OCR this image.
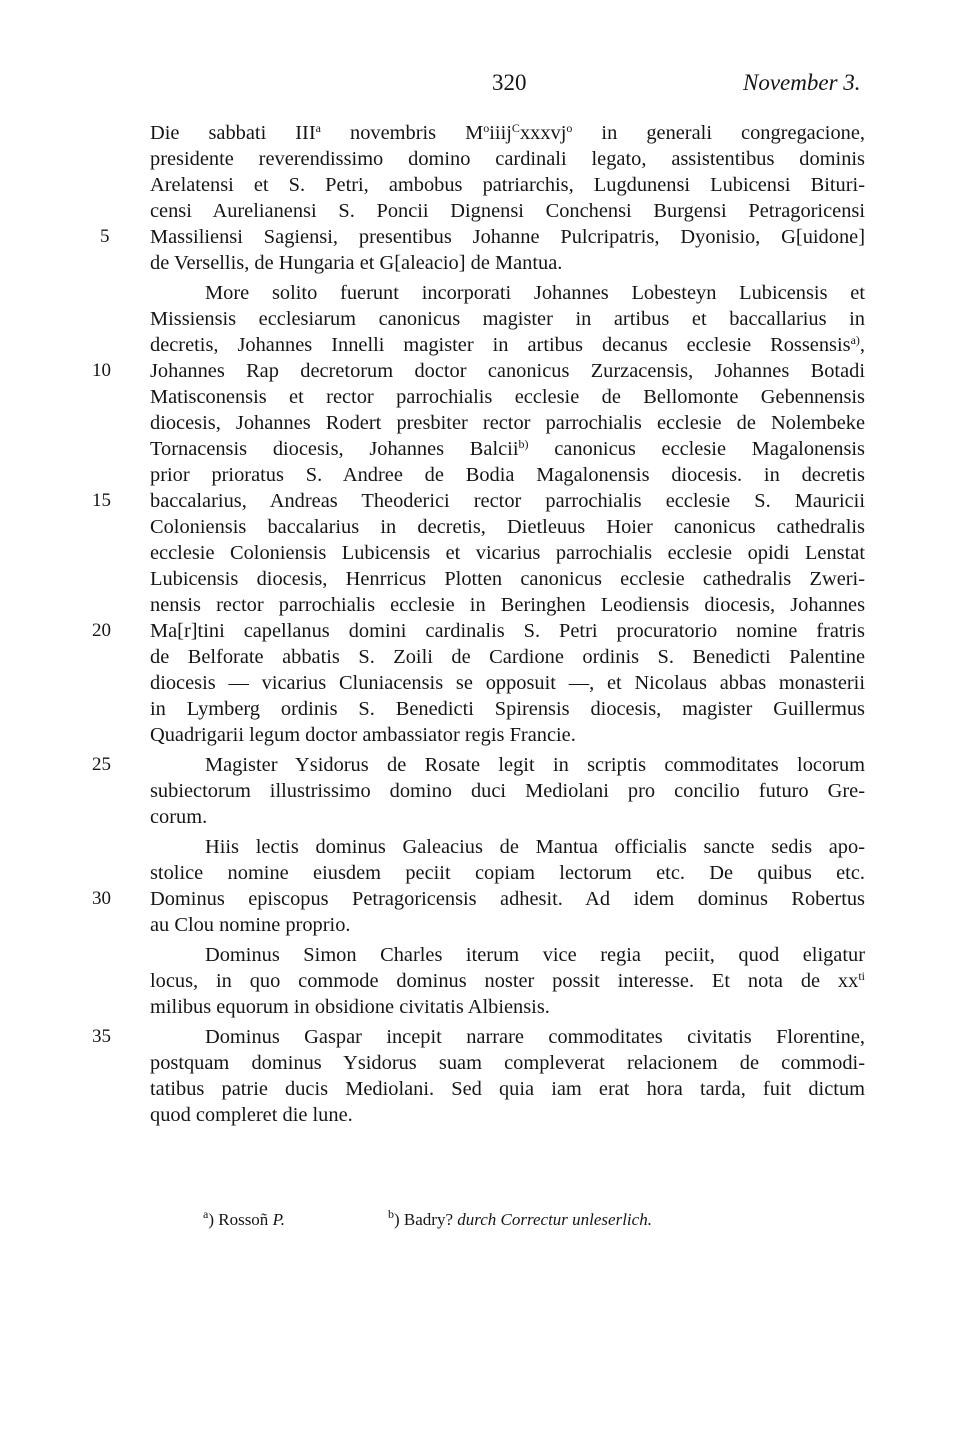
320	November 3.
Die sabbati III$^a$ novembris $M^oiiij^Cxxxvj^o$ in generali congregacione,
presidente reverendissimo domino cardinali legato, assistentibus dominis
Arelatensi et S. Petri, ambobus patriarchis, Lugdunensi Lubicensi Bituri-
censi Aurelianensi S. Poncii Dignensi Conchensi Burgensi Petragoricensi
Massiliensi Sagiensi, presentibus Johanne Pulcripatris, Dyonisio, G[uidone]
de Versellis, de Hungaria et G[aleacio] de Mantua.
More solito fuerunt incorporati Johannes Lobesteyn Lubicensis et
Missiensis ecclesiarum canonicus magister in artibus et baccallarius in
decretis, Johannes Innelli magister in artibus decanus ecclesie Rossensis$^{a)}$,
Johannes Rap decretorum doctor canonicus Zurzacensis, Johannes Botadi
Matisconensis et rector parrochialis ecclesie de Bellomonte Gebennensis
diocesis, Johannes Rodert presbiter rector parrochialis ecclesie de Nolembeke
Tornacensis diocesis, Johannes Balcii$^{b)}$ canonicus ecclesie Magalonensis
prior prioratus S. Andree de Bodia Magalonensis diocesis. in decretis
baccalarius, Andreas Theoderici rector parrochialis ecclesie S. Mauricii
Coloniensis baccalarius in decretis, Dietleuus Hoier canonicus cathedralis
ecclesie Coloniensis Lubicensis et vicarius parrochialis ecclesie opidi Lenstat
Lubicensis diocesis, Henrricus Plotten canonicus ecclesie cathedralis Zweri-
nensis rector parrochialis ecclesie in Beringhen Leodiensis diocesis, Johannes
Ma[r]tini capellanus domini cardinalis S. Petri procuratorio nomine fratris
de Belforate abbatis S. Zoili de Cardione ordinis S. Benedicti Palentine
diocesis — vicarius Cluniacensis se opposuit —, et Nicolaus abbas monasterii
in Lymberg ordinis S. Benedicti Spirensis diocesis, magister Guillermus
Quadrigarii legum doctor ambassiator regis Francie.
Magister Ysidorus de Rosate legit in scriptis commoditates locorum
subiectorum illustrissimo domino duci Mediolani pro concilio futuro Gre-
corum.
Hiis lectis dominus Galeacius de Mantua officialis sancte sedis apo-
stolice nomine eiusdem peciit copiam lectorum etc. De quibus etc.
Dominus episcopus Petragoricensis adhesit. Ad idem dominus Robertus
au Clou nomine proprio.
Dominus Simon Charles iterum vice regia peciit, quod eligatur
locus, in quo commode dominus noster possit interesse. Et nota de $xx^{ti}$
milibus equorum in obsidione civitatis Albiensis.
Dominus Gaspar incepit narrare commoditates civitatis Florentine,
postquam dominus Ysidorus suam compleverat relacionem de commodi-
tatibus patrie ducis Mediolani. Sed quia iam erat hora tarda, fuit dictum
quod compleret die lune.
5
10
15
20
25
30
35
$^a$) Rossoñ P.	$^b$) Badry? durch Correctur unleserlich.
